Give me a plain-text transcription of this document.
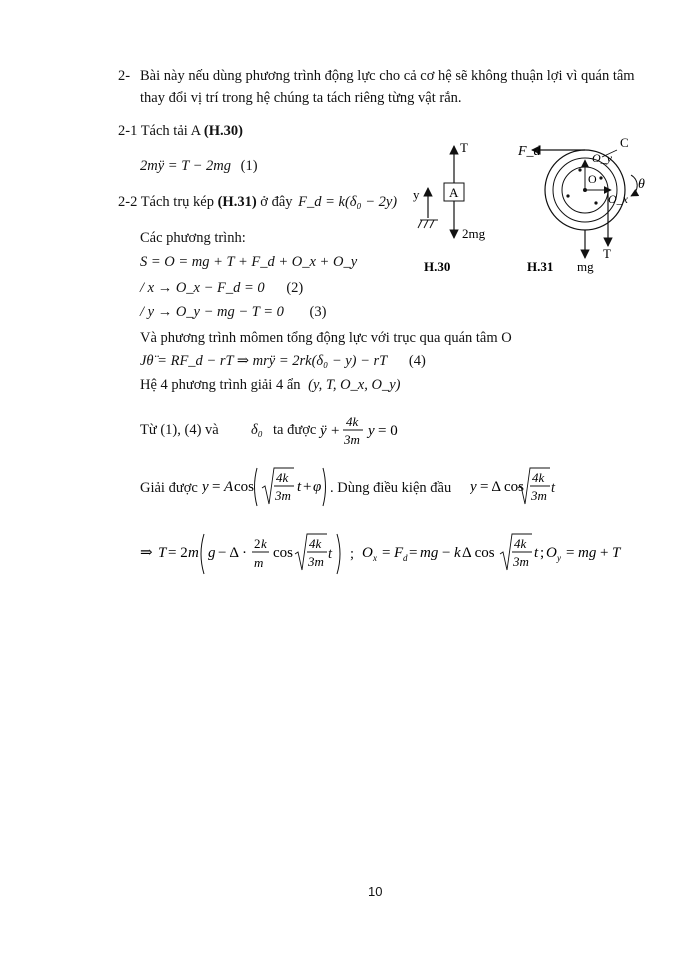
2- Bài này nếu dùng phương trình động lực cho cả cơ hệ sẽ không thuận lợi vì quán tâm
thay đổi vị trí trong hệ chúng ta tách riêng từng vật rắn.
2-1 Tách tải A (H.30)
2mÿ = T − 2mg (1)
2-2 Tách trụ kép (H.31) ở đây F_d = k(δ₀ − 2y)
Các phương trình:
S = O = mg + T + F_d + O_x + O_y
/ x → O_x − F_d = 0 (2)
/ y → O_y − mg − T = 0 (3)
Và phương trình mômen tổng động lực với trục qua quán tâm O
Jθ̈ = RF_d − rT ⇒ mrÿ = 2rk(δ₀ − y) − rT (4)
Hệ 4 phương trình giải 4 ẩn (y, T, O_x, O_y)
Từ (1), (4) và δ₀ ta được ÿ +
4k
3m
y = 0
Giải được y = A cos
4k
3m
t + φ . Dùng điều kiện đầu y = Δ cos
4k
3m t
⇒ T = 2 m g − Δ ·
2 k
m
cos
4k
3m t ; O x = F d = mg − k Δ cos
4k
3m
t ; O y = mg + T
T
y A
2mg
H.30
F_d
C
O_y
O
O_x
θ
T
mg
H.31
10
